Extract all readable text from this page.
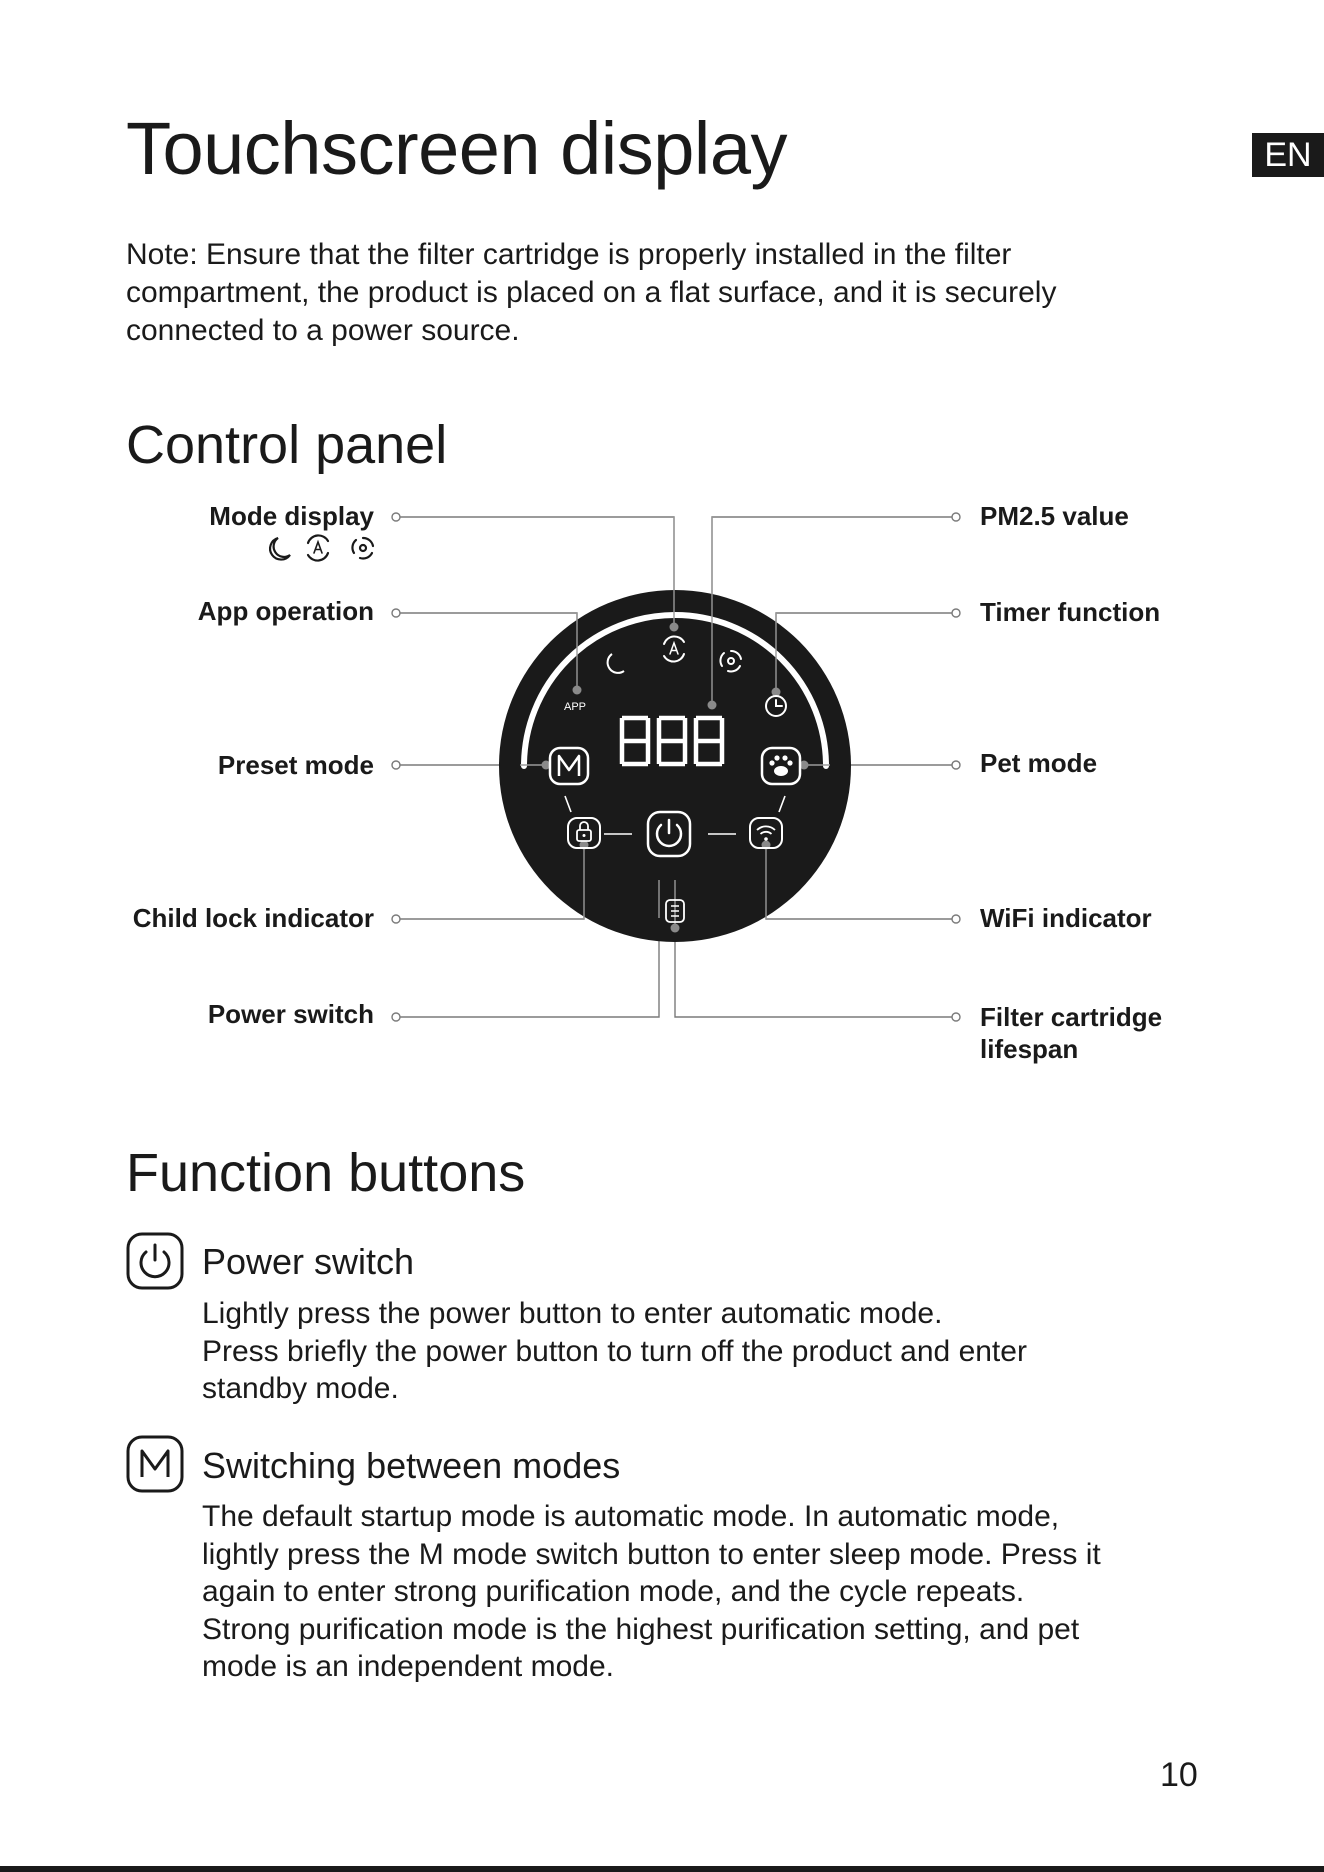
Touchscreen display	EN

Note: Ensure that the filter cartridge is properly installed in the filter compartment, the product is placed on a flat surface, and it is securely connected to a power source.

Control panel
Mode display
App operation
Preset mode
Child lock indicator
Power switch
PM2.5 value
Timer function
Pet mode
WiFi indicator
Filter cartridge
lifespan
APP
Function buttons
Power switch
Lightly press the power button to enter automatic mode.
Press briefly the power button to turn off the product and enter
standby mode.
Switching between modes
The default startup mode is automatic mode. In automatic mode,
lightly press the M mode switch button to enter sleep mode. Press it
again to enter strong purification mode, and the cycle repeats.
Strong purification mode is the highest purification setting, and pet
mode is an independent mode.
10
